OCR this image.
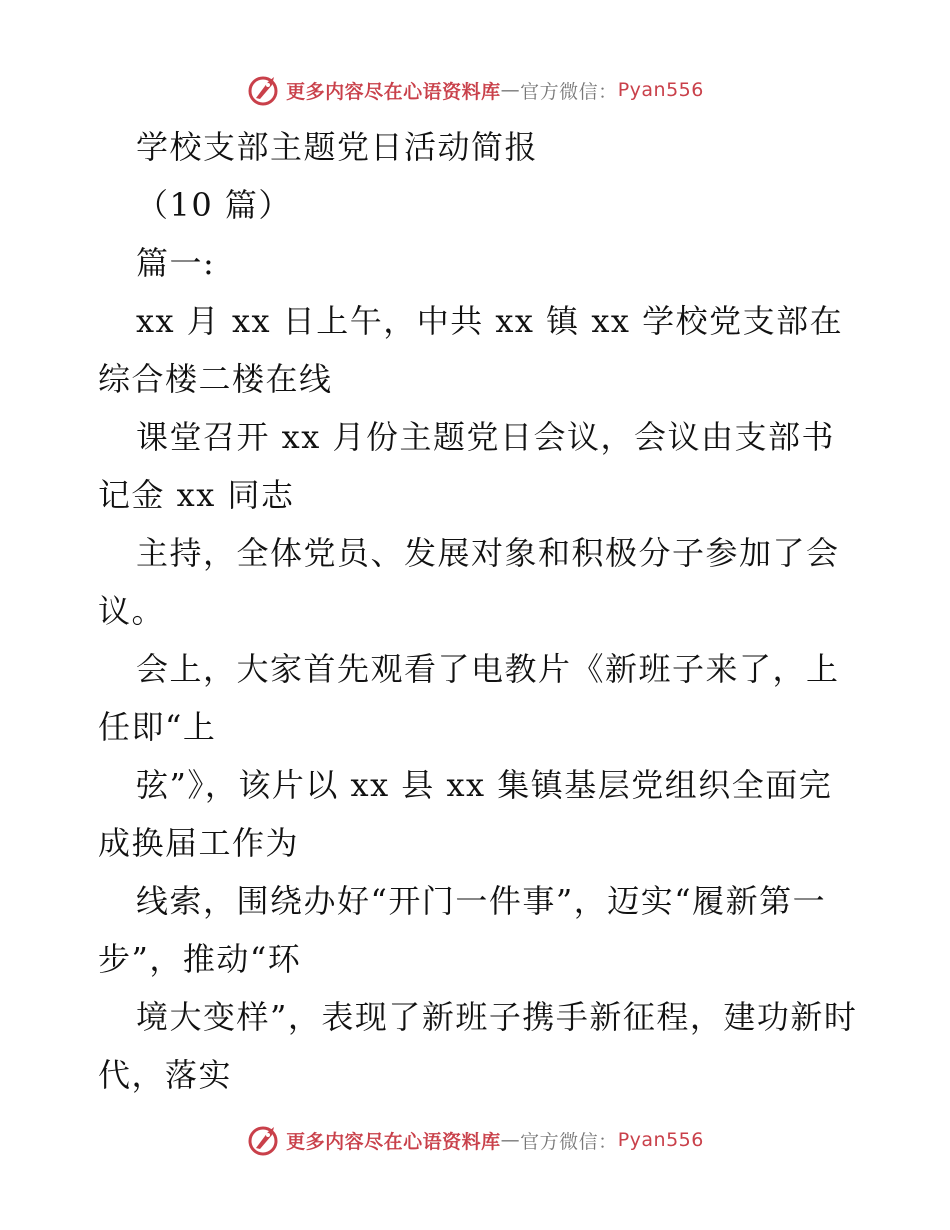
更多内容尽在心语资料库 — 官方微信： Pyan556

学校支部主题党日活动简报

（10 篇）

篇一:

xx 月 xx 日上午，中共 xx 镇 xx 学校党支部在综合楼二楼在线

课堂召开 xx 月份主题党日会议，会议由支部书记金 xx 同志

主持，全体党员、发展对象和积极分子参加了会议。

会上，大家首先观看了电教片《新班子来了，上任即“上

弦”》，该片以 xx 县 xx 集镇基层党组织全面完成换届工作为

线索，围绕办好“开门一件事”，迈实“履新第一步”，推动“环

境大变样”，表现了新班子携手新征程，建功新时代，落实

更多内容尽在心语资料库 — 官方微信： Pyan556
